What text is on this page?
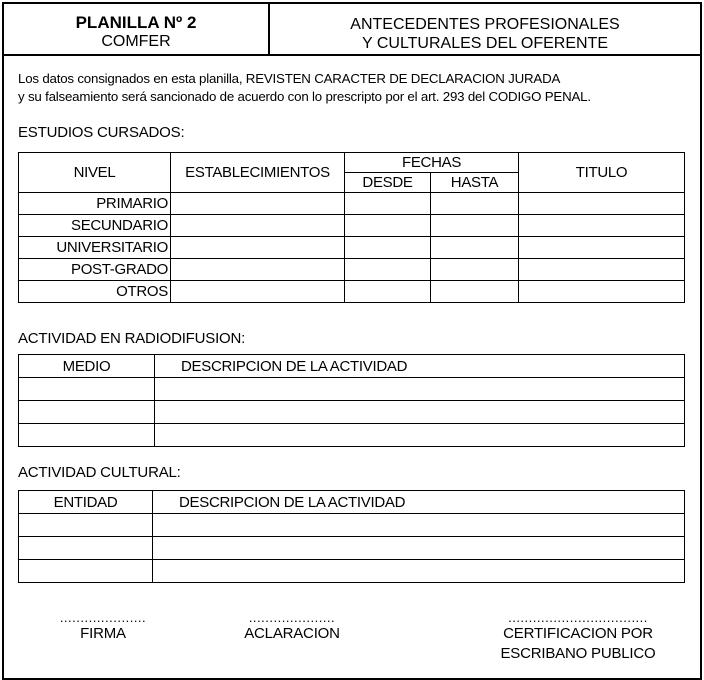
PLANILLA Nº 2
COMFER
ANTECEDENTES PROFESIONALES
Y CULTURALES DEL OFERENTE
Los datos consignados en esta planilla, REVISTEN CARACTER DE DECLARACION JURADA
y su falseamiento será sancionado de acuerdo con lo prescripto por el art. 293 del CODIGO PENAL.
ESTUDIOS CURSADOS:
NIVEL	ESTABLECIMIENTOS	FECHAS		TITULO
		DESDE	HASTA	
PRIMARIO				
SECUNDARIO				
UNIVERSITARIO				
POST-GRADO				
OTROS				
ACTIVIDAD EN RADIODIFUSION:
MEDIO	DESCRIPCION DE LA ACTIVIDAD

ACTIVIDAD CULTURAL:
ENTIDAD	DESCRIPCION DE LA ACTIVIDAD

.....................
FIRMA
.....................
ACLARACION
..................................
CERTIFICACION POR
ESCRIBANO PUBLICO
